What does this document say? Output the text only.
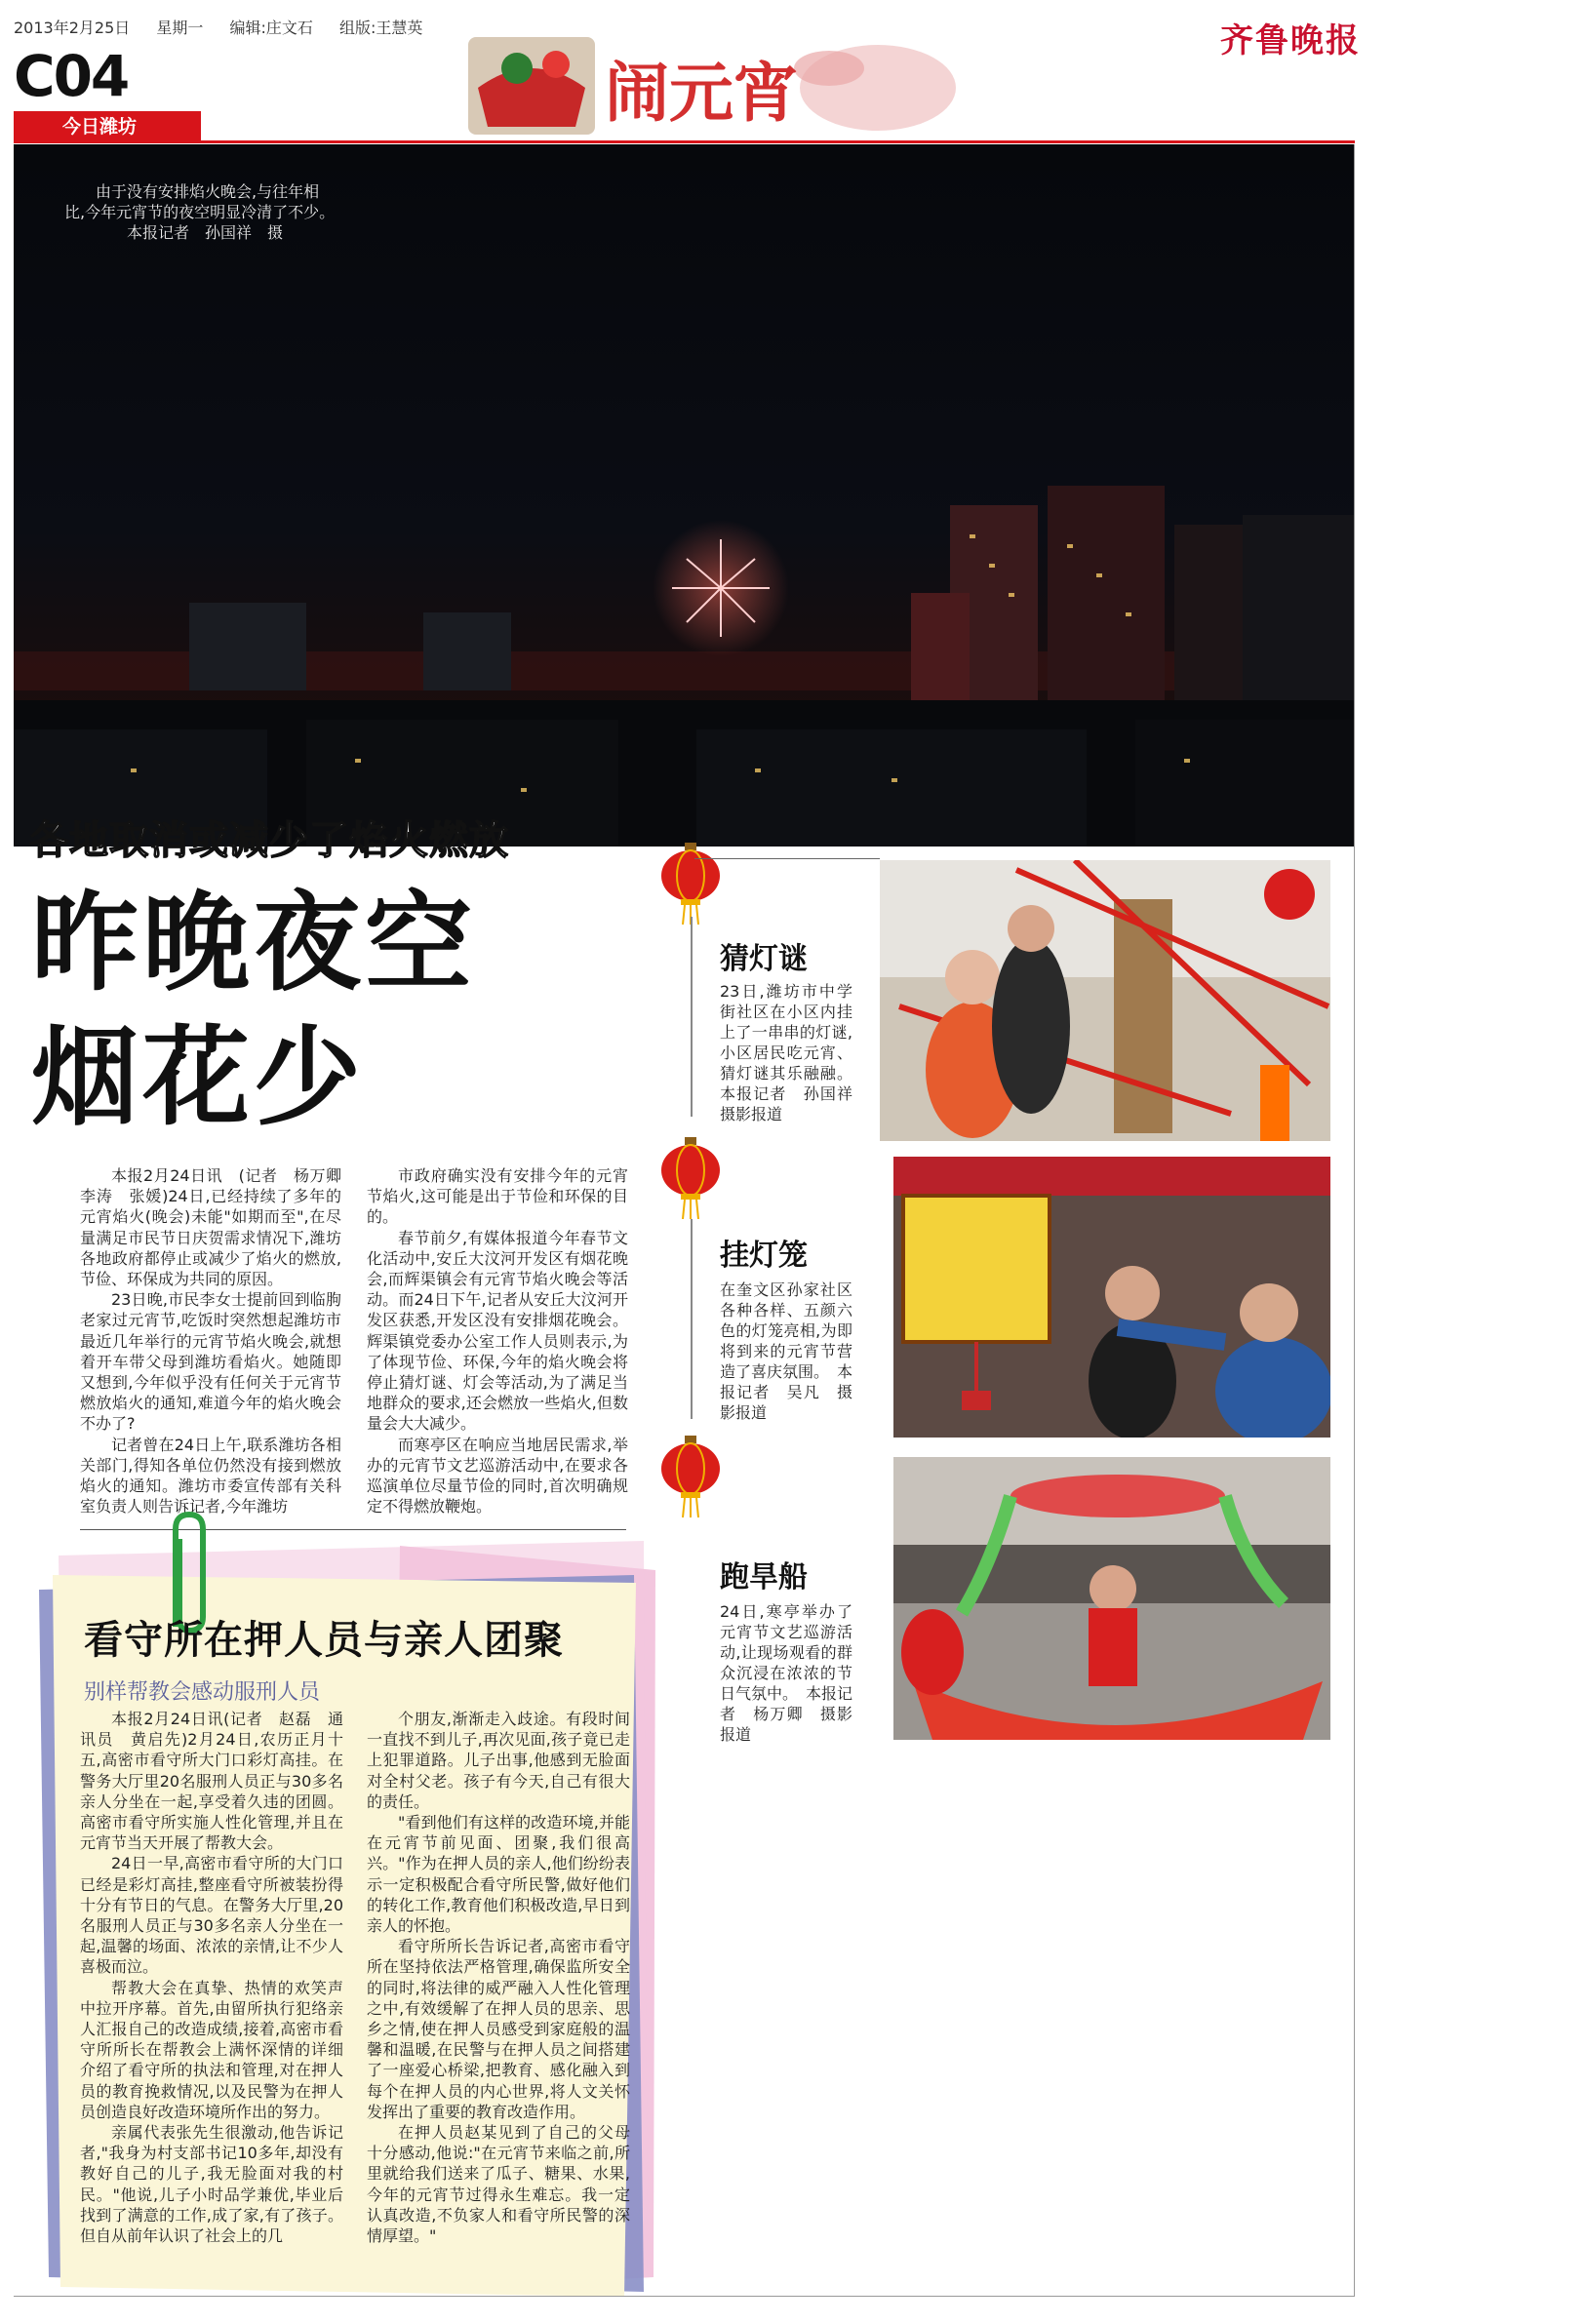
2013年2月25日 星期一 编辑:庄文石 组版:王慧英	齐鲁晚报
C04
今日潍坊	闹元宵
由于没有安排焰火晚会,与往年相比,今年元宵节的夜空明显冷清了不少。
本报记者　孙国祥　摄
各地取消或减少了焰火燃放
昨晚夜空
烟花少

本报2月24日讯　(记者　杨万卿　李涛　张媛)24日,已经持续了多年的元宵焰火(晚会)未能"如期而至",在尽量满足市民节日庆贺需求情况下,潍坊各地政府都停止或减少了焰火的燃放,节俭、环保成为共同的原因。

23日晚,市民李女士提前回到临朐老家过元宵节,吃饭时突然想起潍坊市最近几年举行的元宵节焰火晚会,就想着开车带父母到潍坊看焰火。她随即又想到,今年似乎没有任何关于元宵节燃放焰火的通知,难道今年的焰火晚会不办了?

记者曾在24日上午,联系潍坊各相关部门,得知各单位仍然没有接到燃放焰火的通知。潍坊市委宣传部有关科室负责人则告诉记者,今年潍坊

市政府确实没有安排今年的元宵节焰火,这可能是出于节俭和环保的目的。

春节前夕,有媒体报道今年春节文化活动中,安丘大汶河开发区有烟花晚会,而辉渠镇会有元宵节焰火晚会等活动。而24日下午,记者从安丘大汶河开发区获悉,开发区没有安排烟花晚会。辉渠镇党委办公室工作人员则表示,为了体现节俭、环保,今年的焰火晚会将停止猜灯谜、灯会等活动,为了满足当地群众的要求,还会燃放一些焰火,但数量会大大减少。

而寒亭区在响应当地居民需求,举办的元宵节文艺巡游活动中,在要求各巡演单位尽量节俭的同时,首次明确规定不得燃放鞭炮。

猜灯谜
23日,潍坊市中学街社区在小区内挂上了一串串的灯谜,小区居民吃元宵、猜灯谜其乐融融。本报记者　孙国祥　摄影报道
挂灯笼
在奎文区孙家社区各种各样、五颜六色的灯笼亮相,为即将到来的元宵节营造了喜庆氛围。　本报记者　吴凡　摄影报道
跑旱船
24日,寒亭举办了元宵节文艺巡游活动,让现场观看的群众沉浸在浓浓的节日气氛中。　本报记者　杨万卿　摄影报道
看守所在押人员与亲人团聚
别样帮教会感动服刑人员

本报2月24日讯(记者　赵磊　通讯员　黄启先)2月24日,农历正月十五,高密市看守所大门口彩灯高挂。在警务大厅里20名服刑人员正与30多名亲人分坐在一起,享受着久违的团圆。高密市看守所实施人性化管理,并且在元宵节当天开展了帮教大会。

24日一早,高密市看守所的大门口已经是彩灯高挂,整座看守所被装扮得十分有节日的气息。在警务大厅里,20名服刑人员正与30多名亲人分坐在一起,温馨的场面、浓浓的亲情,让不少人喜极而泣。

帮教大会在真挚、热情的欢笑声中拉开序幕。首先,由留所执行犯络亲人汇报自己的改造成绩,接着,高密市看守所所长在帮教会上满怀深情的详细介绍了看守所的执法和管理,对在押人员的教育挽救情况,以及民警为在押人员创造良好改造环境所作出的努力。

亲属代表张先生很激动,他告诉记者,"我身为村支部书记10多年,却没有教好自己的儿子,我无脸面对我的村民。"他说,儿子小时品学兼优,毕业后找到了满意的工作,成了家,有了孩子。但自从前年认识了社会上的几

个朋友,渐渐走入歧途。有段时间一直找不到儿子,再次见面,孩子竟已走上犯罪道路。儿子出事,他感到无脸面对全村父老。孩子有今天,自己有很大的责任。

"看到他们有这样的改造环境,并能在元宵节前见面、团聚,我们很高兴。"作为在押人员的亲人,他们纷纷表示一定积极配合看守所民警,做好他们的转化工作,教育他们积极改造,早日到亲人的怀抱。

看守所所长告诉记者,高密市看守所在坚持依法严格管理,确保监所安全的同时,将法律的威严融入人性化管理之中,有效缓解了在押人员的思亲、思乡之情,使在押人员感受到家庭般的温馨和温暖,在民警与在押人员之间搭建了一座爱心桥梁,把教育、感化融入到每个在押人员的内心世界,将人文关怀发挥出了重要的教育改造作用。

在押人员赵某见到了自己的父母十分感动,他说:"在元宵节来临之前,所里就给我们送来了瓜子、糖果、水果,今年的元宵节过得永生难忘。我一定认真改造,不负家人和看守所民警的深情厚望。"
